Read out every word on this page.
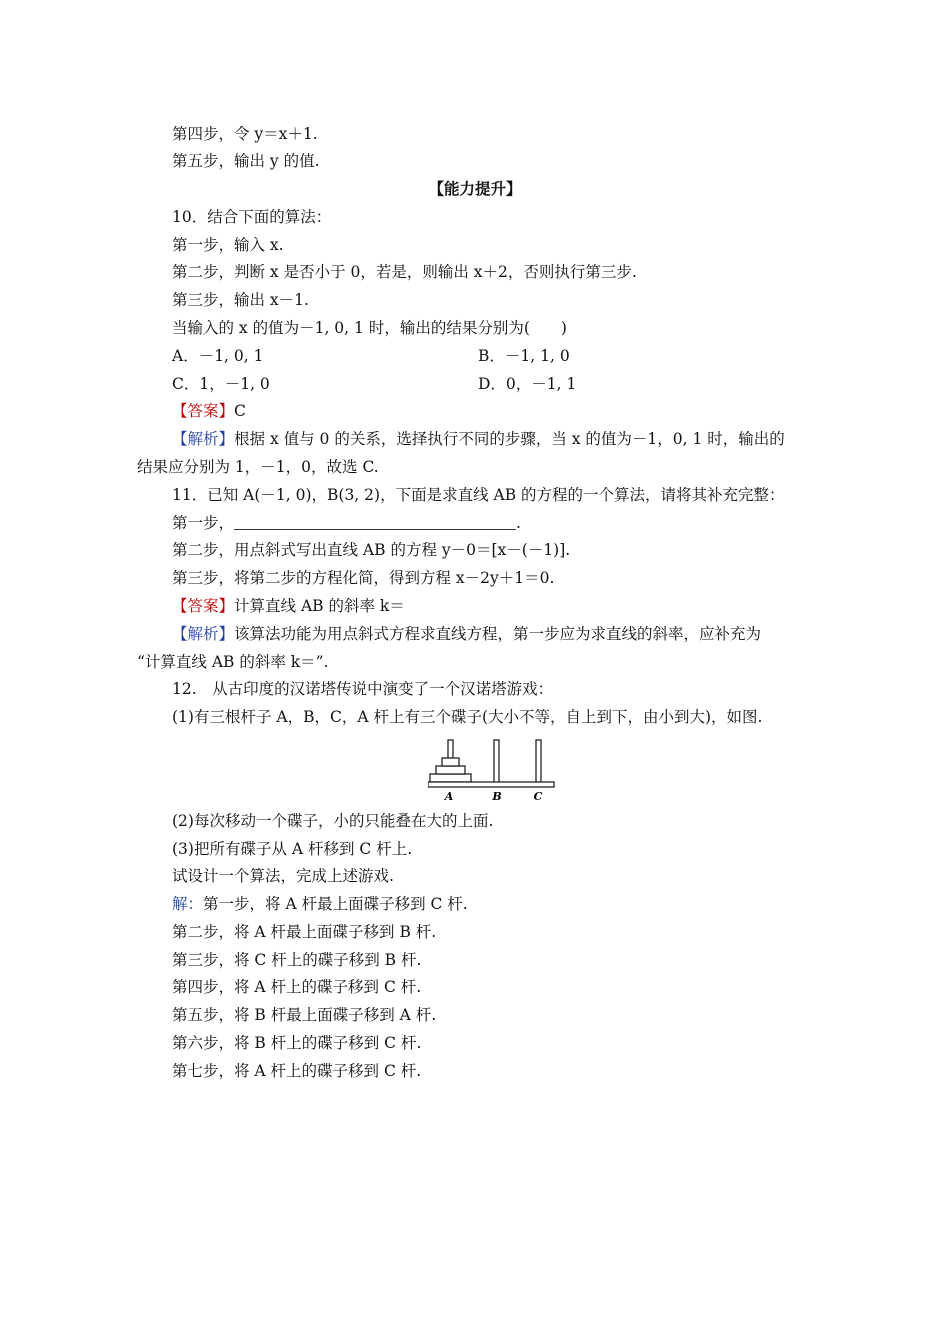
第四步，令 y＝x＋1.
第五步，输出 y 的值.
【能力提升】
10．结合下面的算法：
第一步，输入 x.
第二步，判断 x 是否小于 0，若是，则输出 x＋2，否则执行第三步.
第三步，输出 x－1.
当输入的 x 的值为－1, 0, 1 时，输出的结果分别为(　　)
A．－1, 0, 1	B．－1, 1, 0
C．1，－1, 0	D．0，－1, 1
【答案】C
【解析】根据 x 值与 0 的关系，选择执行不同的步骤，当 x 的值为－1，0, 1 时，输出的
结果应分别为 1，－1，0，故选 C.
11．已知 A(－1, 0)，B(3, 2)，下面是求直线 AB 的方程的一个算法，请将其补充完整：
第一步，	.
第二步，用点斜式写出直线 AB 的方程 y－0＝[x－(－1)].
第三步，将第二步的方程化简，得到方程 x－2y＋1＝0.
【答案】计算直线 AB 的斜率 k＝
【解析】该算法功能为用点斜式方程求直线方程，第一步应为求直线的斜率，应补充为
“计算直线 AB 的斜率 k＝”.
12.　从古印度的汉诺塔传说中演变了一个汉诺塔游戏：
(1)有三根杆子 A，B，C，A 杆上有三个碟子(大小不等，自上到下，由小到大)，如图.
A	B	C
(2)每次移动一个碟子，小的只能叠在大的上面.
(3)把所有碟子从 A 杆移到 C 杆上.
试设计一个算法，完成上述游戏.
解：第一步，将 A 杆最上面碟子移到 C 杆.
第二步，将 A 杆最上面碟子移到 B 杆.
第三步，将 C 杆上的碟子移到 B 杆.
第四步，将 A 杆上的碟子移到 C 杆.
第五步，将 B 杆最上面碟子移到 A 杆.
第六步，将 B 杆上的碟子移到 C 杆.
第七步，将 A 杆上的碟子移到 C 杆.
